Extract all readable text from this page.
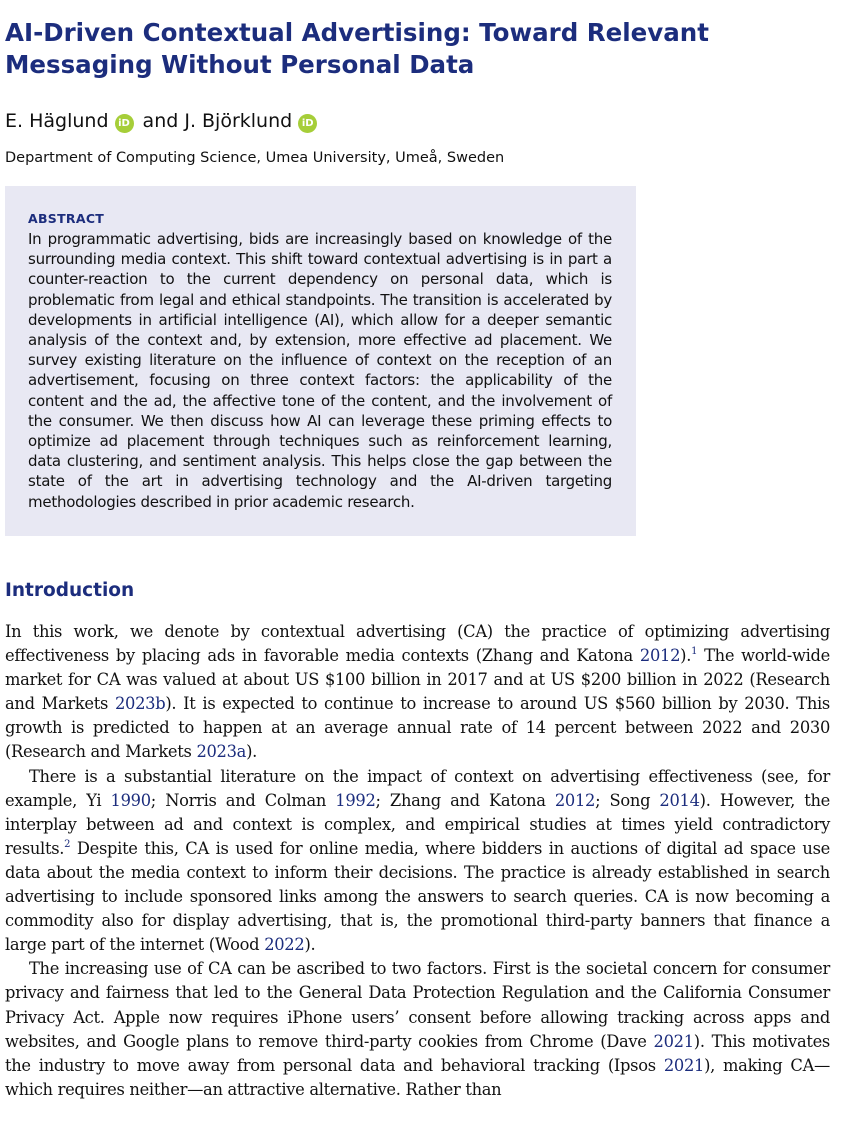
AI-Driven Contextual Advertising: Toward Relevant Messaging Without Personal Data
E. Häglund iD and J. Björklund iD
Department of Computing Science, Umea University, Umeå, Sweden
ABSTRACT

In programmatic advertising, bids are increasingly based on knowledge of the surrounding media context. This shift toward contextual advertising is in part a counter-reaction to the current dependency on personal data, which is problematic from legal and ethical standpoints. The transition is accelerated by developments in artificial intelligence (AI), which allow for a deeper semantic analysis of the context and, by extension, more effective ad placement. We survey existing literature on the influence of context on the reception of an advertisement, focusing on three context factors: the applicability of the content and the ad, the affective tone of the content, and the involvement of the consumer. We then discuss how AI can leverage these priming effects to optimize ad placement through techniques such as reinforcement learning, data clustering, and sentiment analysis. This helps close the gap between the state of the art in advertising technology and the AI-driven targeting methodologies described in prior academic research.

Introduction

In this work, we denote by contextual advertising (CA) the practice of optimizing advertising effectiveness by placing ads in favorable media contexts (Zhang and Katona 2012).$^1$ The world-wide market for CA was valued at about US $100 billion in 2017 and at US $200 billion in 2022 (Research and Markets 2023b). It is expected to continue to increase to around US $560 billion by 2030. This growth is predicted to happen at an average annual rate of 14 percent between 2022 and 2030 (Research and Markets 2023a).

There is a substantial literature on the impact of context on advertising effectiveness (see, for example, Yi 1990; Norris and Colman 1992; Zhang and Katona 2012; Song 2014). However, the interplay between ad and context is complex, and empirical studies at times yield contradictory results.$^2$ Despite this, CA is used for online media, where bidders in auctions of digital ad space use data about the media context to inform their decisions. The practice is already established in search advertising to include sponsored links among the answers to search queries. CA is now becoming a commodity also for display advertising, that is, the promotional third-party banners that finance a large part of the internet (Wood 2022).

The increasing use of CA can be ascribed to two factors. First is the societal concern for consumer privacy and fairness that led to the General Data Protection Regulation and the California Consumer Privacy Act. Apple now requires iPhone users’ consent before allowing tracking across apps and websites, and Google plans to remove third-party cookies from Chrome (Dave 2021). This motivates the industry to move away from personal data and behavioral tracking (Ipsos 2021), making CA—which requires neither—an attractive alternative. Rather than
